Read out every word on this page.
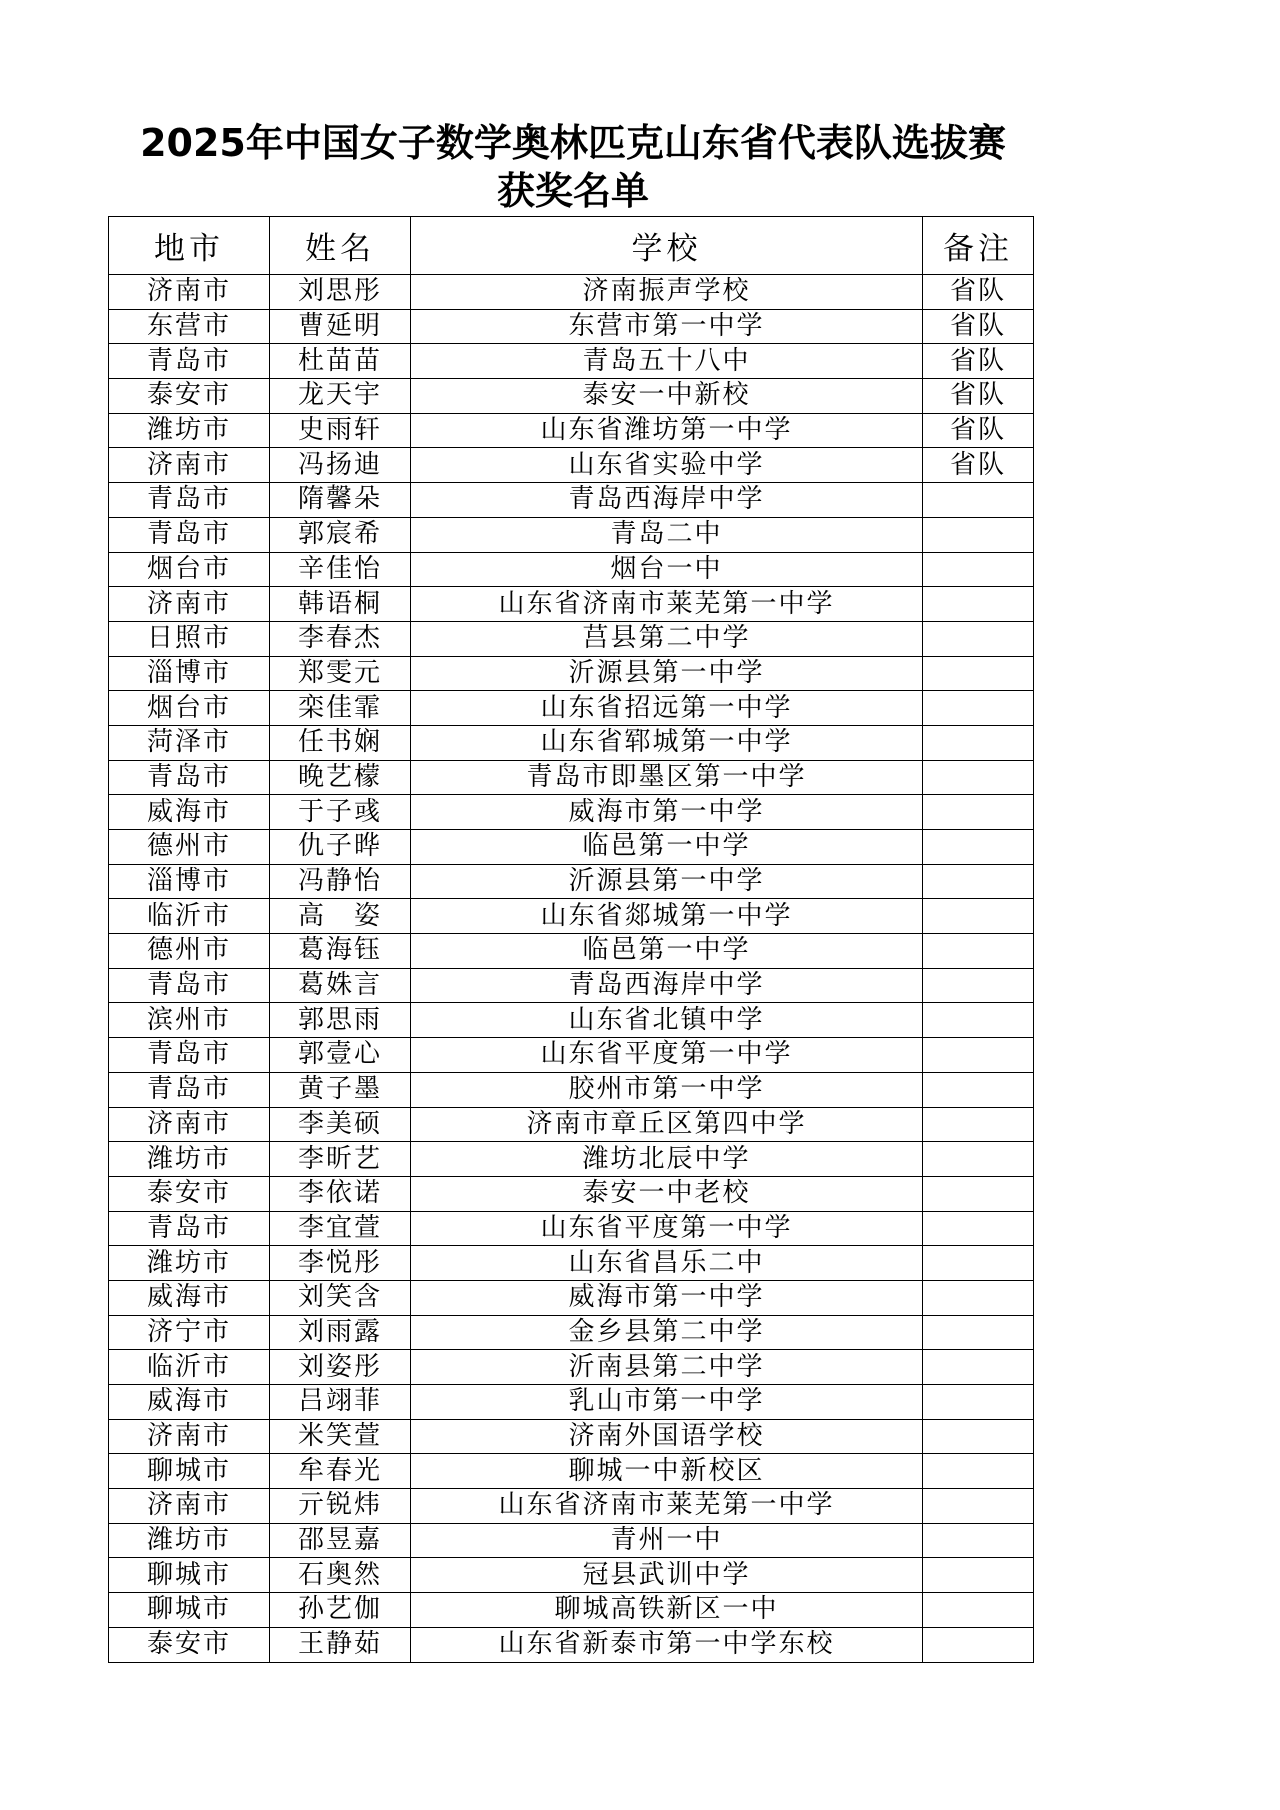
2025年中国女子数学奥林匹克山东省代表队选拔赛
获奖名单
地市	姓名	学校	备注
济南市	刘思彤	济南振声学校	省队
东营市	曹延明	东营市第一中学	省队
青岛市	杜苗苗	青岛五十八中	省队
泰安市	龙天宇	泰安一中新校	省队
潍坊市	史雨轩	山东省潍坊第一中学	省队
济南市	冯扬迪	山东省实验中学	省队
青岛市	隋馨朵	青岛西海岸中学	
青岛市	郭宸希	青岛二中	
烟台市	辛佳怡	烟台一中	
济南市	韩语桐	山东省济南市莱芜第一中学	
日照市	李春杰	莒县第二中学	
淄博市	郑雯元	沂源县第一中学	
烟台市	栾佳霏	山东省招远第一中学	
菏泽市	任书娴	山东省郓城第一中学	
青岛市	晚艺檬	青岛市即墨区第一中学	
威海市	于子彧	威海市第一中学	
德州市	仇子晔	临邑第一中学	
淄博市	冯静怡	沂源县第一中学	
临沂市	高　姿	山东省郯城第一中学	
德州市	葛海钰	临邑第一中学	
青岛市	葛姝言	青岛西海岸中学	
滨州市	郭思雨	山东省北镇中学	
青岛市	郭壹心	山东省平度第一中学	
青岛市	黄子墨	胶州市第一中学	
济南市	李美硕	济南市章丘区第四中学	
潍坊市	李昕艺	潍坊北辰中学	
泰安市	李依诺	泰安一中老校	
青岛市	李宜萱	山东省平度第一中学	
潍坊市	李悦彤	山东省昌乐二中	
威海市	刘笑含	威海市第一中学	
济宁市	刘雨露	金乡县第二中学	
临沂市	刘姿彤	沂南县第二中学	
威海市	吕翊菲	乳山市第一中学	
济南市	米笑萱	济南外国语学校	
聊城市	牟春光	聊城一中新校区	
济南市	亓锐炜	山东省济南市莱芜第一中学	
潍坊市	邵昱嘉	青州一中	
聊城市	石奥然	冠县武训中学	
聊城市	孙艺伽	聊城高铁新区一中	
泰安市	王静茹	山东省新泰市第一中学东校	
